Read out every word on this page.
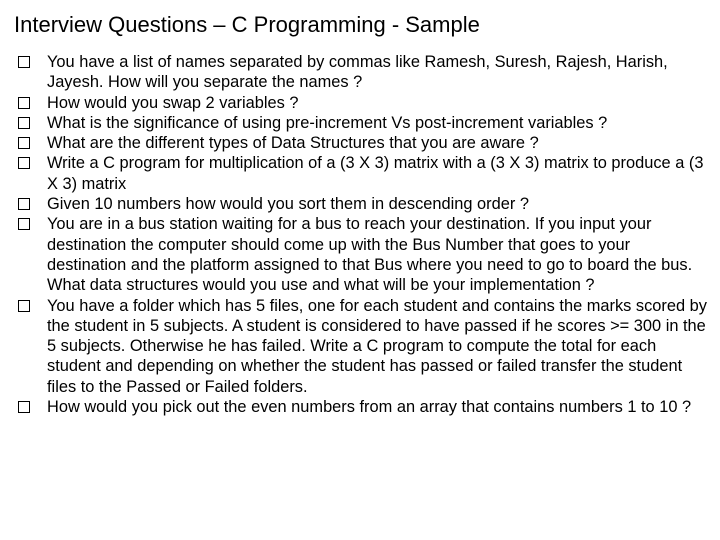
Interview Questions – C Programming - Sample
You have a list of names separated by commas like Ramesh, Suresh, Rajesh, Harish, Jayesh. How will you separate the names ?
How would you swap 2 variables ?
What is the significance of using pre-increment Vs post-increment variables ?
What are the different types of Data Structures that you are aware ?
Write a C program for multiplication of a (3 X 3) matrix with a (3 X 3) matrix to produce a (3 X 3) matrix
Given 10 numbers how would you sort them in descending order ?
You are in a bus station waiting for a bus to reach your destination. If you input your destination the computer should come up with the Bus Number that goes to your destination and the platform assigned to that Bus where you need to go to board the bus. What data structures would you use and what will be your implementation ?
You have a folder which has 5 files, one for each student and contains the marks scored by the student in 5 subjects. A student is considered to have passed if he scores >= 300 in the 5 subjects. Otherwise he has failed. Write a C program to compute the total for each student and depending on whether the student has passed or failed transfer the student files to the Passed or Failed folders.
How would you pick out the even numbers from an array that contains numbers 1 to 10 ?
